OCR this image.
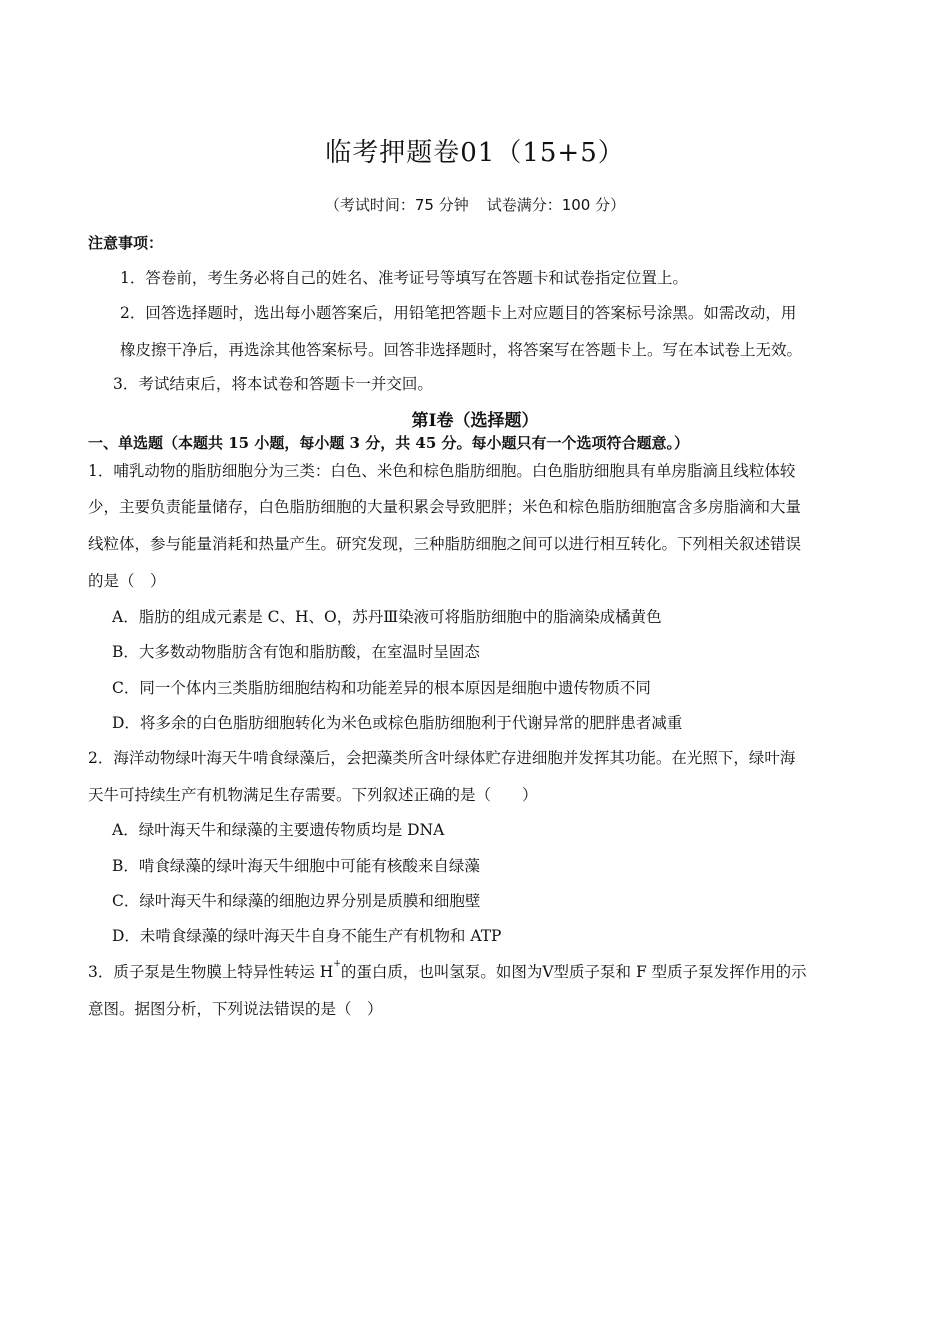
临考押题卷01（15+5）
（考试时间：75 分钟 试卷满分：100 分）
注意事项：
1．答卷前，考生务必将自己的姓名、准考证号等填写在答题卡和试卷指定位置上。
2．回答选择题时，选出每小题答案后，用铅笔把答题卡上对应题目的答案标号涂黑。如需改动，用
橡皮擦干净后，再选涂其他答案标号。回答非选择题时，将答案写在答题卡上。写在本试卷上无效。
3．考试结束后，将本试卷和答题卡一并交回。
第Ⅰ卷（选择题）
一、单选题（本题共 15 小题，每小题 3 分，共 45 分。每小题只有一个选项符合题意。）
1．哺乳动物的脂肪细胞分为三类：白色、米色和棕色脂肪细胞。白色脂肪细胞具有单房脂滴且线粒体较
少，主要负责能量储存，白色脂肪细胞的大量积累会导致肥胖；米色和棕色脂肪细胞富含多房脂滴和大量
线粒体，参与能量消耗和热量产生。研究发现，三种脂肪细胞之间可以进行相互转化。下列相关叙述错误
的是（　）
A．脂肪的组成元素是 C、H、O，苏丹Ⅲ染液可将脂肪细胞中的脂滴染成橘黄色
B．大多数动物脂肪含有饱和脂肪酸，在室温时呈固态
C．同一个体内三类脂肪细胞结构和功能差异的根本原因是细胞中遗传物质不同
D．将多余的白色脂肪细胞转化为米色或棕色脂肪细胞利于代谢异常的肥胖患者减重
2．海洋动物绿叶海天牛啃食绿藻后，会把藻类所含叶绿体贮存进细胞并发挥其功能。在光照下，绿叶海
天牛可持续生产有机物满足生存需要。下列叙述正确的是（　　）
A．绿叶海天牛和绿藻的主要遗传物质均是 DNA
B．啃食绿藻的绿叶海天牛细胞中可能有核酸来自绿藻
C．绿叶海天牛和绿藻的细胞边界分别是质膜和细胞壁
D．未啃食绿藻的绿叶海天牛自身不能生产有机物和 ATP
3．质子泵是生物膜上特异性转运 H+的蛋白质，也叫氢泵。如图为Ⅴ型质子泵和 F 型质子泵发挥作用的示
意图。据图分析，下列说法错误的是（　）
